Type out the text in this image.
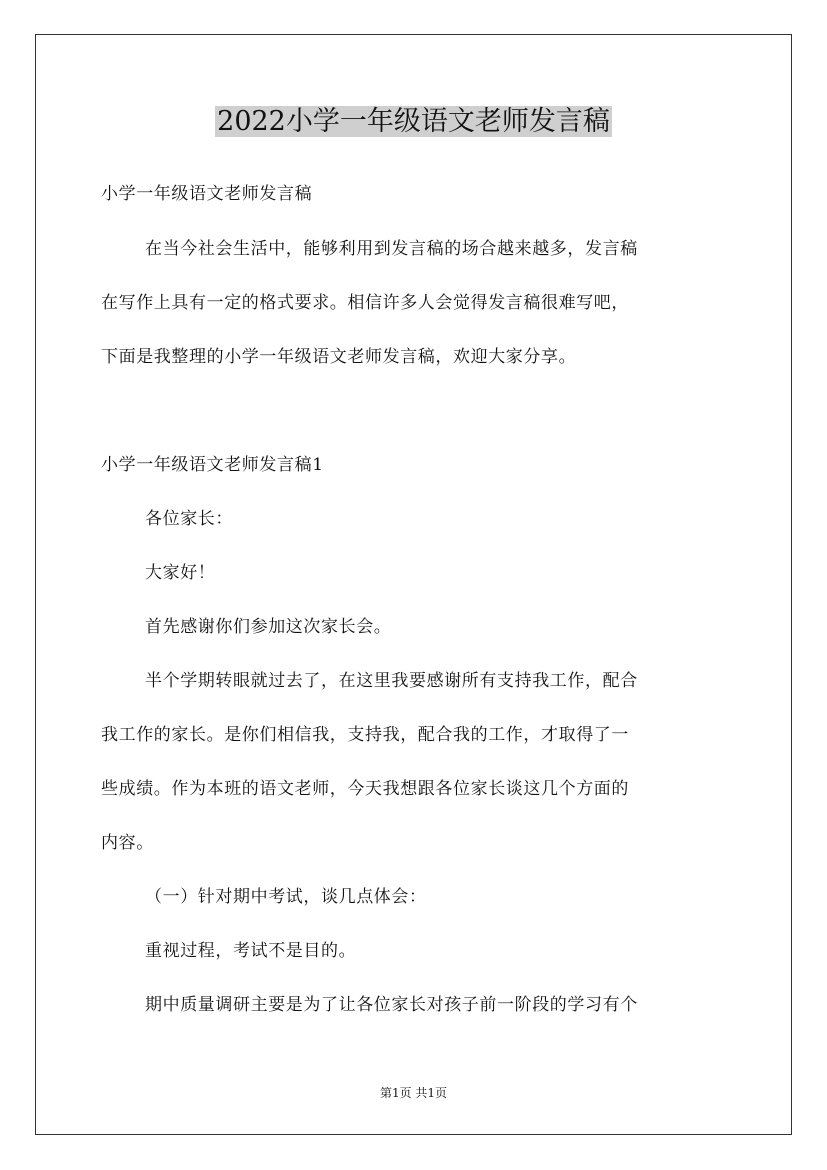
2022小学一年级语文老师发言稿
小学一年级语文老师发言稿
在当今社会生活中，能够利用到发言稿的场合越来越多，发言稿
在写作上具有一定的格式要求。相信许多人会觉得发言稿很难写吧，
下面是我整理的小学一年级语文老师发言稿，欢迎大家分享。
小学一年级语文老师发言稿1
各位家长：
大家好！
首先感谢你们参加这次家长会。
半个学期转眼就过去了，在这里我要感谢所有支持我工作，配合
我工作的家长。是你们相信我，支持我，配合我的工作，才取得了一
些成绩。作为本班的语文老师，今天我想跟各位家长谈这几个方面的
内容。
（一）针对期中考试，谈几点体会：
重视过程，考试不是目的。
期中质量调研主要是为了让各位家长对孩子前一阶段的学习有个
第1页 共1页
